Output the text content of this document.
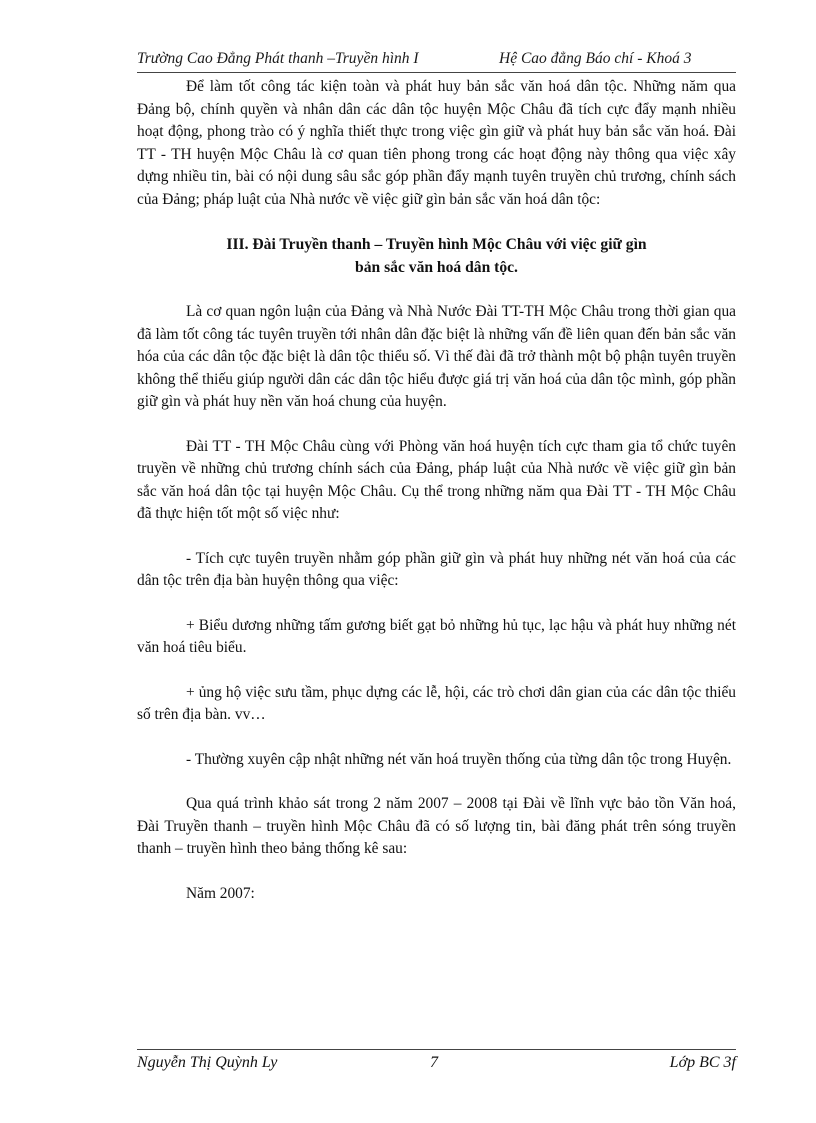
Trường Cao Đẳng Phát thanh –Truyền hình I	Hệ Cao đẳng Báo chí - Khoá 3

Để làm tốt công tác kiện toàn và phát huy bản sắc văn hoá dân tộc. Những năm qua Đảng bộ, chính quyền và nhân dân các dân tộc huyện Mộc Châu đã tích cực đẩy mạnh nhiều hoạt động, phong trào có ý nghĩa thiết thực trong việc gìn giữ và phát huy bản sắc văn hoá. Đài TT - TH huyện Mộc Châu là cơ quan tiên phong trong các hoạt động này thông qua việc xây dựng nhiều tin, bài có nội dung sâu sắc góp phần đẩy mạnh tuyên truyền chủ trương, chính sách của Đảng; pháp luật của Nhà nước về việc giữ gìn bản sắc văn hoá dân tộc:

III. Đài Truyền thanh – Truyền hình Mộc Châu với việc giữ gìn
bản sắc văn hoá dân tộc.

Là cơ quan ngôn luận của Đảng và Nhà Nước Đài TT-TH Mộc Châu trong thời gian qua đã làm tốt công tác tuyên truyền tới nhân dân đặc biệt là những vấn đề liên quan đến bản sắc văn hóa của các dân tộc đặc biệt là dân tộc thiểu số. Vì thế đài đã trở thành một bộ phận tuyên truyền không thể thiếu giúp người dân các dân tộc hiểu được giá trị văn hoá của dân tộc mình, góp phần giữ gìn và phát huy nền văn hoá chung của huyện.

Đài TT - TH Mộc Châu cùng với Phòng văn hoá huyện tích cực tham gia tổ chức tuyên truyền về những chủ trương chính sách của Đảng, pháp luật của Nhà nước về việc giữ gìn bản sắc văn hoá dân tộc tại huyện Mộc Châu. Cụ thể trong những năm qua Đài TT - TH Mộc Châu đã thực hiện tốt một số việc như:

- Tích cực tuyên truyền nhằm góp phần giữ gìn và phát huy những nét văn hoá của các dân tộc trên địa bàn huyện thông qua việc:

+ Biểu dương những tấm gương biết gạt bỏ những hủ tục, lạc hậu và phát huy những nét văn hoá tiêu biểu.

+ ủng hộ việc sưu tầm, phục dựng các lễ, hội, các trò chơi dân gian của các dân tộc thiểu số trên địa bàn. vv…

- Thường xuyên cập nhật những nét văn hoá truyền thống của từng dân tộc trong Huyện.

Qua quá trình khảo sát trong 2 năm 2007 – 2008 tại Đài về lĩnh vực bảo tồn Văn hoá, Đài Truyền thanh – truyền hình Mộc Châu đã có số lượng tin, bài đăng phát trên sóng truyền thanh – truyền hình theo bảng thống kê sau:

Năm 2007:

Nguyễn Thị Quỳnh Ly	7	Lớp BC 3f
